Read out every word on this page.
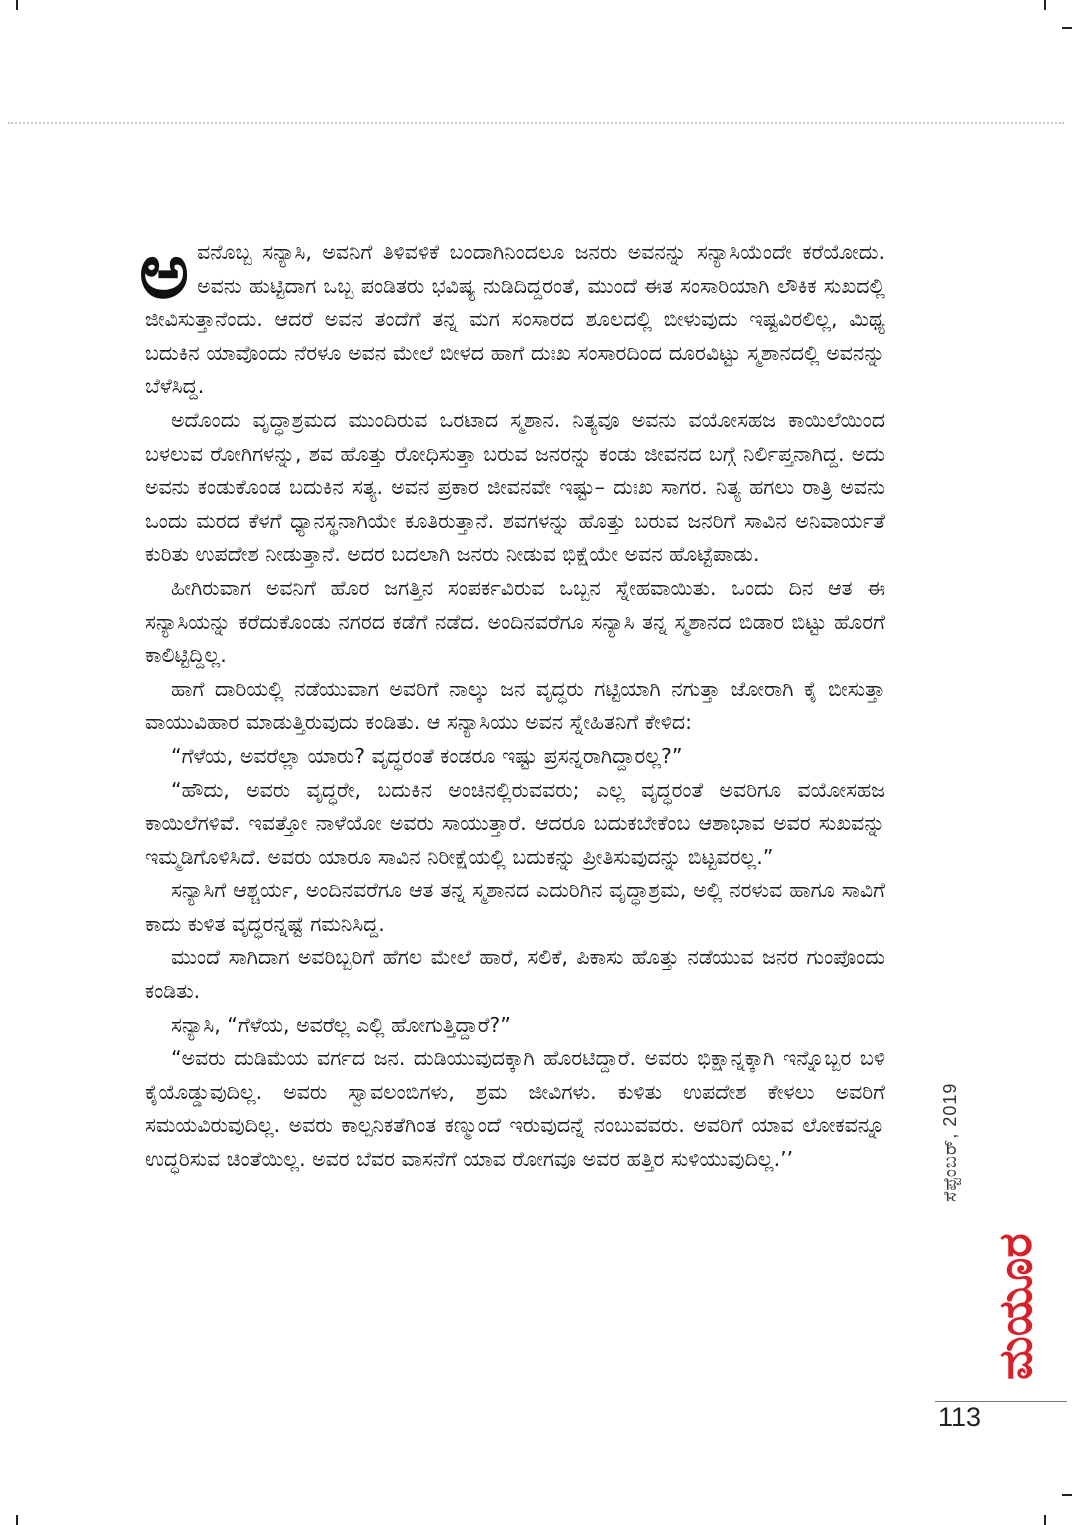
ಅವನೊಬ್ಬ ಸನ್ಯಾಸಿ, ಅವನಿಗೆ ತಿಳಿವಳಿಕೆ ಬಂದಾಗಿನಿಂದಲೂ ಜನರು ಅವನನ್ನು ಸನ್ಯಾಸಿಯೆಂದೇ ಕರೆಯೋದು. ಅವನು ಹುಟ್ಟಿದಾಗ ಒಬ್ಬ ಪಂಡಿತರು ಭವಿಷ್ಯ ನುಡಿದಿದ್ದರಂತೆ, ಮುಂದೆ ಈತ ಸಂಸಾರಿಯಾಗಿ ಲೌಕಿಕ ಸುಖದಲ್ಲಿ ಜೀವಿಸುತ್ತಾನೆಂದು. ಆದರೆ ಅವನ ತಂದೆಗೆ ತನ್ನ ಮಗ ಸಂಸಾರದ ಶೂಲದಲ್ಲಿ ಬೀಳುವುದು ಇಷ್ಟವಿರಲಿಲ್ಲ, ಮಿಥ್ಯ ಬದುಕಿನ ಯಾವೊಂದು ನೆರಳೂ ಅವನ ಮೇಲೆ ಬೀಳದ ಹಾಗೆ ದುಃಖ ಸಂಸಾರದಿಂದ ದೂರವಿಟ್ಟು ಸ್ಮಶಾನದಲ್ಲಿ ಅವನನ್ನು ಬೆಳೆಸಿದ್ದ.

ಅದೊಂದು ವೃದ್ಧಾಶ್ರಮದ ಮುಂದಿರುವ ಒರಟಾದ ಸ್ಮಶಾನ. ನಿತ್ಯವೂ ಅವನು ವಯೋಸಹಜ ಕಾಯಿಲೆಯಿಂದ ಬಳಲುವ ರೋಗಿಗಳನ್ನು, ಶವ ಹೊತ್ತು ರೋಧಿಸುತ್ತಾ ಬರುವ ಜನರನ್ನು ಕಂಡು ಜೀವನದ ಬಗ್ಗೆ ನಿರ್ಲಿಪ್ತನಾಗಿದ್ದ. ಅದು ಅವನು ಕಂಡುಕೊಂಡ ಬದುಕಿನ ಸತ್ಯ. ಅವನ ಪ್ರಕಾರ ಜೀವನವೇ ಇಷ್ಟು– ದುಃಖ ಸಾಗರ. ನಿತ್ಯ ಹಗಲು ರಾತ್ರಿ ಅವನು ಒಂದು ಮರದ ಕೆಳಗೆ ಧ್ಯಾನಸ್ಥನಾಗಿಯೇ ಕೂತಿರುತ್ತಾನೆ. ಶವಗಳನ್ನು ಹೊತ್ತು ಬರುವ ಜನರಿಗೆ ಸಾವಿನ ಅನಿವಾರ್ಯತೆ ಕುರಿತು ಉಪದೇಶ ನೀಡುತ್ತಾನೆ. ಅದರ ಬದಲಾಗಿ ಜನರು ನೀಡುವ ಭಿಕ್ಷೆಯೇ ಅವನ ಹೊಟ್ಟೆಪಾಡು.

ಹೀಗಿರುವಾಗ ಅವನಿಗೆ ಹೊರ ಜಗತ್ತಿನ ಸಂಪರ್ಕವಿರುವ ಒಬ್ಬನ ಸ್ನೇಹವಾಯಿತು. ಒಂದು ದಿನ ಆತ ಈ ಸನ್ಯಾಸಿಯನ್ನು ಕರೆದುಕೊಂಡು ನಗರದ ಕಡೆಗೆ ನಡೆದ. ಅಂದಿನವರೆಗೂ ಸನ್ಯಾಸಿ ತನ್ನ ಸ್ಮಶಾನದ ಬಿಡಾರ ಬಿಟ್ಟು ಹೊರಗೆ ಕಾಲಿಟ್ಟಿದ್ದಿಲ್ಲ.

ಹಾಗೆ ದಾರಿಯಲ್ಲಿ ನಡೆಯುವಾಗ ಅವರಿಗೆ ನಾಲ್ಕು ಜನ ವೃದ್ಧರು ಗಟ್ಟಿಯಾಗಿ ನಗುತ್ತಾ ಜೋರಾಗಿ ಕೈ ಬೀಸುತ್ತಾ ವಾಯುವಿಹಾರ ಮಾಡುತ್ತಿರುವುದು ಕಂಡಿತು. ಆ ಸನ್ಯಾಸಿಯು ಅವನ ಸ್ನೇಹಿತನಿಗೆ ಕೇಳಿದ:

“ಗೆಳೆಯ, ಅವರೆಲ್ಲಾ ಯಾರು? ವೃದ್ಧರಂತೆ ಕಂಡರೂ ಇಷ್ಟು ಪ್ರಸನ್ನರಾಗಿದ್ದಾರಲ್ಲ?”

“ಹೌದು, ಅವರು ವೃದ್ಧರೇ, ಬದುಕಿನ ಅಂಚಿನಲ್ಲಿರುವವರು; ಎಲ್ಲ ವೃದ್ಧರಂತೆ ಅವರಿಗೂ ವಯೋಸಹಜ ಕಾಯಿಲೆಗಳಿವೆ. ಇವತ್ತೋ ನಾಳೆಯೋ ಅವರು ಸಾಯುತ್ತಾರೆ. ಆದರೂ ಬದುಕಬೇಕೆಂಬ ಆಶಾಭಾವ ಅವರ ಸುಖವನ್ನು ಇಮ್ಮಡಿಗೊಳಿಸಿದೆ. ಅವರು ಯಾರೂ ಸಾವಿನ ನಿರೀಕ್ಷೆಯಲ್ಲಿ ಬದುಕನ್ನು ಪ್ರೀತಿಸುವುದನ್ನು ಬಿಟ್ಟವರಲ್ಲ.”

ಸನ್ಯಾಸಿಗೆ ಆಶ್ಚರ್ಯ, ಅಂದಿನವರೆಗೂ ಆತ ತನ್ನ ಸ್ಮಶಾನದ ಎದುರಿಗಿನ ವೃದ್ಧಾಶ್ರಮ, ಅಲ್ಲಿ ನರಳುವ ಹಾಗೂ ಸಾವಿಗೆ ಕಾದು ಕುಳಿತ ವೃದ್ಧರನ್ನಷ್ಟೆ ಗಮನಿಸಿದ್ದ.

ಮುಂದೆ ಸಾಗಿದಾಗ ಅವರಿಬ್ಬರಿಗೆ ಹೆಗಲ ಮೇಲೆ ಹಾರೆ, ಸಲಿಕೆ, ಪಿಕಾಸು ಹೊತ್ತು ನಡೆಯುವ ಜನರ ಗುಂಪೊಂದು ಕಂಡಿತು.

ಸನ್ಯಾಸಿ, “ಗೆಳೆಯ, ಅವರೆಲ್ಲ ಎಲ್ಲಿ ಹೋಗುತ್ತಿದ್ದಾರೆ?”

“ಅವರು ದುಡಿಮೆಯ ವರ್ಗದ ಜನ. ದುಡಿಯುವುದಕ್ಕಾಗಿ ಹೊರಟಿದ್ದಾರೆ. ಅವರು ಭಿಕ್ಷಾನ್ನಕ್ಕಾಗಿ ಇನ್ನೊಬ್ಬರ ಬಳಿ ಕೈಯೊಡ್ಡುವುದಿಲ್ಲ. ಅವರು ಸ್ವಾವಲಂಬಿಗಳು, ಶ್ರಮ ಜೀವಿಗಳು. ಕುಳಿತು ಉಪದೇಶ ಕೇಳಲು ಅವರಿಗೆ ಸಮಯವಿರುವುದಿಲ್ಲ. ಅವರು ಕಾಲ್ಪನಿಕತೆಗಿಂತ ಕಣ್ಮುಂದೆ ಇರುವುದನ್ನೆ ನಂಬುವವರು. ಅವರಿಗೆ ಯಾವ ಲೋಕವನ್ನೂ ಉದ್ಧರಿಸುವ ಚಿಂತೆಯಿಲ್ಲ. ಅವರ ಬೆವರ ವಾಸನೆಗೆ ಯಾವ ರೋಗವೂ ಅವರ ಹತ್ತಿರ ಸುಳಿಯುವುದಿಲ್ಲ.’’	ಸೆಪ್ಟೆಂಬರ್, 2019
ಮಯೂರ
113
